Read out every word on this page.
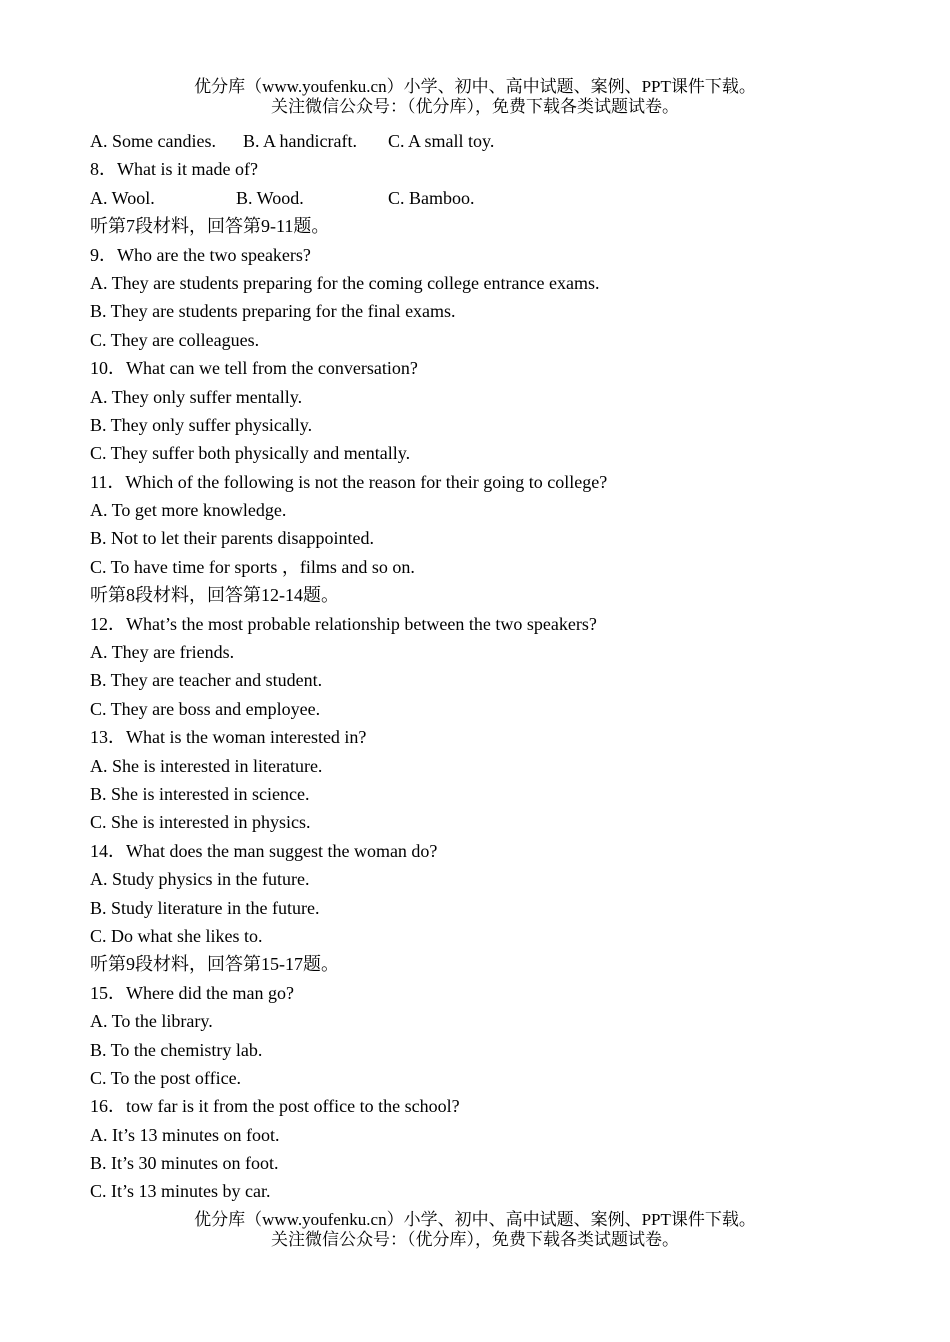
优分库（www.youfenku.cn）小学、初中、高中试题、案例、PPT课件下载。
关注微信公众号：（优分库），免费下载各类试题试卷。
A. Some candies. B. A handicraft. C. A small toy.
8．What is it made of?
A. Wool.	B. Wood.	C. Bamboo.
听第7段材料，回答第9-11题。
9．Who are the two speakers?
A. They are students preparing for the coming college entrance exams.
B. They are students preparing for the final exams.
C. They are colleagues.
10．What can we tell from the conversation?
A. They only suffer mentally.
B. They only suffer physically.
C. They suffer both physically and mentally.
11．Which of the following is not the reason for their going to college?
A. To get more knowledge.
B. Not to let their parents disappointed.
C. To have time for sports ，films and so on.
听第8段材料，回答第12-14题。
12．What’s the most probable relationship between the two speakers?
A. They are friends.
B. They are teacher and student.
C. They are boss and employee.
13．What is the woman interested in?
A. She is interested in literature.
B. She is interested in science.
C. She is interested in physics.
14．What does the man suggest the woman do?
A. Study physics in the future.
B. Study literature in the future.
C. Do what she likes to.
听第9段材料，回答第15-17题。
15．Where did the man go?
A. To the library.
B. To the chemistry lab.
C. To the post office.
16．tow far is it from the post office to the school?
A. It’s 13 minutes on foot.
B. It’s 30 minutes on foot.
C. It’s 13 minutes by car.
优分库（www.youfenku.cn）小学、初中、高中试题、案例、PPT课件下载。
关注微信公众号：（优分库），免费下载各类试题试卷。
